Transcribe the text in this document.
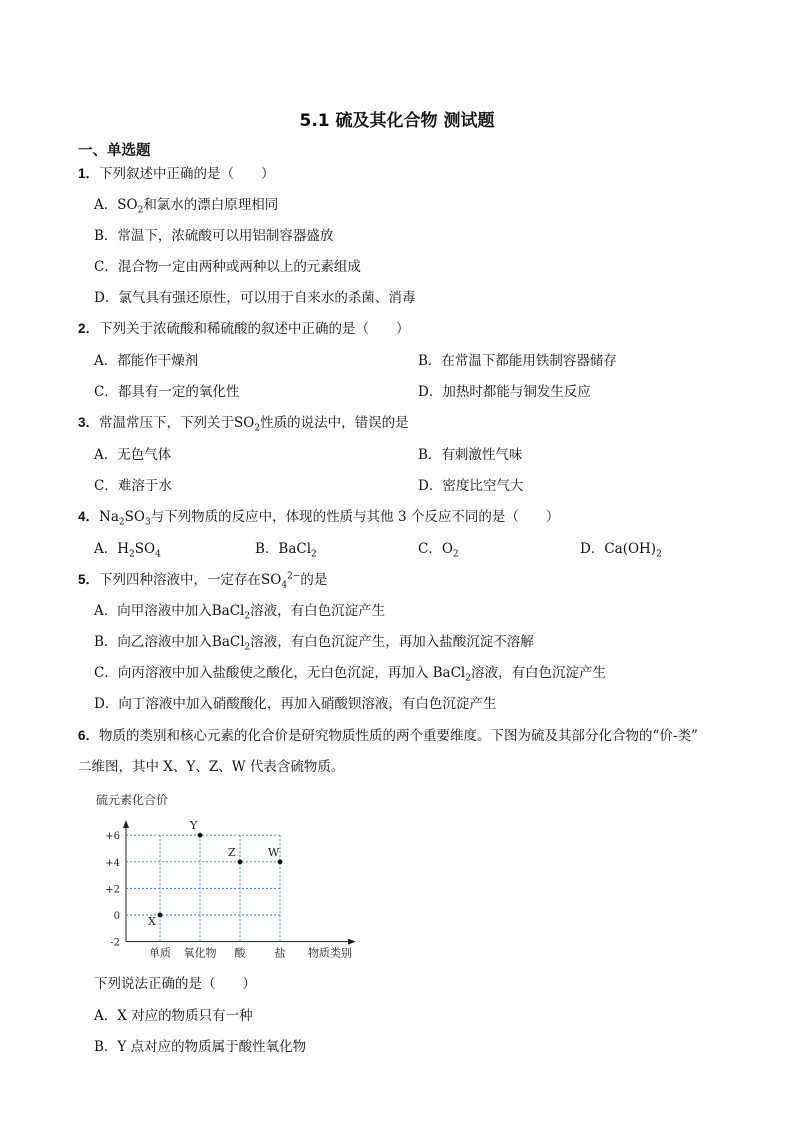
5.1 硫及其化合物 测试题
一、单选题
1．下列叙述中正确的是（　　）
A．$SO_2$和氯水的漂白原理相同
B．常温下，浓硫酸可以用铝制容器盛放
C．混合物一定由两种或两种以上的元素组成
D．氯气具有强还原性，可以用于自来水的杀菌、消毒
2．下列关于浓硫酸和稀硫酸的叙述中正确的是（　　）
A．都能作干燥剂	B．在常温下都能用铁制容器储存
C．都具有一定的氧化性	D．加热时都能与铜发生反应
3．常温常压下，下列关于$SO_2$性质的说法中，错误的是
A．无色气体	B．有刺激性气味
C．难溶于水	D．密度比空气大
4．$Na_2SO_3$与下列物质的反应中，体现的性质与其他 3 个反应不同的是（　　）
A．$H_2SO_4$	B．BaCl$_2$	C．$O_2$	D．$Ca(OH)_2$
5．下列四种溶液中，一定存在$SO_4^{2-}$的是
A．向甲溶液中加入BaCl$_2$溶液，有白色沉淀产生
B．向乙溶液中加入BaCl$_2$溶液，有白色沉淀产生，再加入盐酸沉淀不溶解
C．向丙溶液中加入盐酸使之酸化，无白色沉淀，再加入 BaCl$_2$溶液，有白色沉淀产生
D．向丁溶液中加入硝酸酸化，再加入硝酸钡溶液，有白色沉淀产生
6．物质的类别和核心元素的化合价是研究物质性质的两个重要维度。下图为硫及其部分化合物的“价-类”
二维图，其中 X、Y、Z、W 代表含硫物质。
硫元素化合价
+6
+4
+2
0
-2
单质 氧化物 酸	盐 物质类别
X
Y
Z	W
下列说法正确的是（　　）
A．X 对应的物质只有一种
B．Y 点对应的物质属于酸性氧化物
